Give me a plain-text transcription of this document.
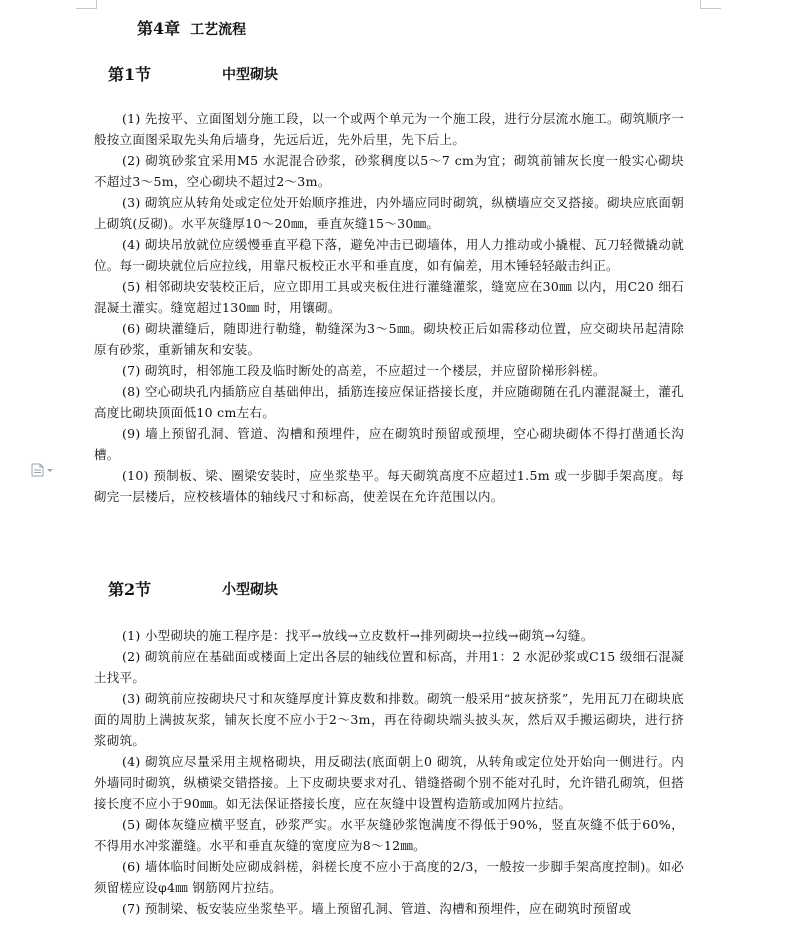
第4章 工艺流程
第1节	中型砌块

(1) 先按平、立面图划分施工段，以一个或两个单元为一个施工段，进行分层流水施工。砌筑顺序一般按立面图采取先头角后墙身，先远后近，先外后里，先下后上。

(2) 砌筑砂浆宜采用M5 水泥混合砂浆，砂浆稠度以5～7 cm为宜；砌筑前铺灰长度一般实心砌块不超过3～5m，空心砌块不超过2～3m。

(3) 砌筑应从转角处或定位处开始顺序推进，内外墙应同时砌筑，纵横墙应交叉搭接。砌块应底面朝上砌筑(反砌)。水平灰缝厚10～20㎜，垂直灰缝15～30㎜。

(4) 砌块吊放就位应缓慢垂直平稳下落，避免冲击已砌墙体，用人力推动或小撬棍、瓦刀轻微撬动就位。每一砌块就位后应拉线，用靠尺板校正水平和垂直度，如有偏差，用木锤轻轻敲击纠正。

(5) 相邻砌块安装校正后，应立即用工具或夹板住进行灌缝灌浆，缝宽应在30㎜ 以内，用C20 细石混凝土灌实。缝宽超过130㎜ 时，用镶砌。

(6) 砌块灌缝后，随即进行勒缝，勒缝深为3～5㎜。砌块校正后如需移动位置，应交砌块吊起清除原有砂浆，重新铺灰和安装。

(7) 砌筑时，相邻施工段及临时断处的高差，不应超过一个楼层，并应留阶梯形斜槎。

(8) 空心砌块孔内插筋应自基础伸出，插筋连接应保证搭接长度，并应随砌随在孔内灌混凝土，灌孔高度比砌块顶面低10 cm左右。

(9) 墙上预留孔洞、管道、沟槽和预埋件，应在砌筑时预留或预埋，空心砌块砌体不得打凿通长沟槽。

(10) 预制板、梁、圈梁安装时，应坐浆垫平。每天砌筑高度不应超过1.5m 或一步脚手架高度。每砌完一层楼后，应校核墙体的轴线尺寸和标高，使差误在允许范围以内。

第2节	小型砌块

(1) 小型砌块的施工程序是：找平→放线→立皮数杆→排列砌块→拉线→砌筑→勾缝。

(2) 砌筑前应在基础面或楼面上定出各层的轴线位置和标高，并用1：2 水泥砂浆或C15 级细石混凝土找平。

(3) 砌筑前应按砌块尺寸和灰缝厚度计算皮数和排数。砌筑一般采用“披灰挤浆”，先用瓦刀在砌块底面的周肋上满披灰浆，铺灰长度不应小于2～3m，再在待砌块端头披头灰，然后双手搬运砌块，进行挤浆砌筑。

(4) 砌筑应尽量采用主规格砌块，用反砌法(底面朝上0 砌筑，从转角或定位处开始向一侧进行。内外墙同时砌筑，纵横梁交错搭接。上下皮砌块要求对孔、错缝搭砌个别不能对孔时，允许错孔砌筑，但搭接长度不应小于90㎜。如无法保证搭接长度，应在灰缝中设置构造筋或加网片拉结。

(5) 砌体灰缝应横平竖直，砂浆严实。水平灰缝砂浆饱满度不得低于90%，竖直灰缝不低于60%，不得用水冲浆灌缝。水平和垂直灰缝的宽度应为8～12㎜。

(6) 墙体临时间断处应砌成斜槎，斜槎长度不应小于高度的2/3，一般按一步脚手架高度控制)。如必须留槎应设φ4㎜ 钢筋网片拉结。

(7) 预制梁、板安装应坐浆垫平。墙上预留孔洞、管道、沟槽和预埋件，应在砌筑时预留或
